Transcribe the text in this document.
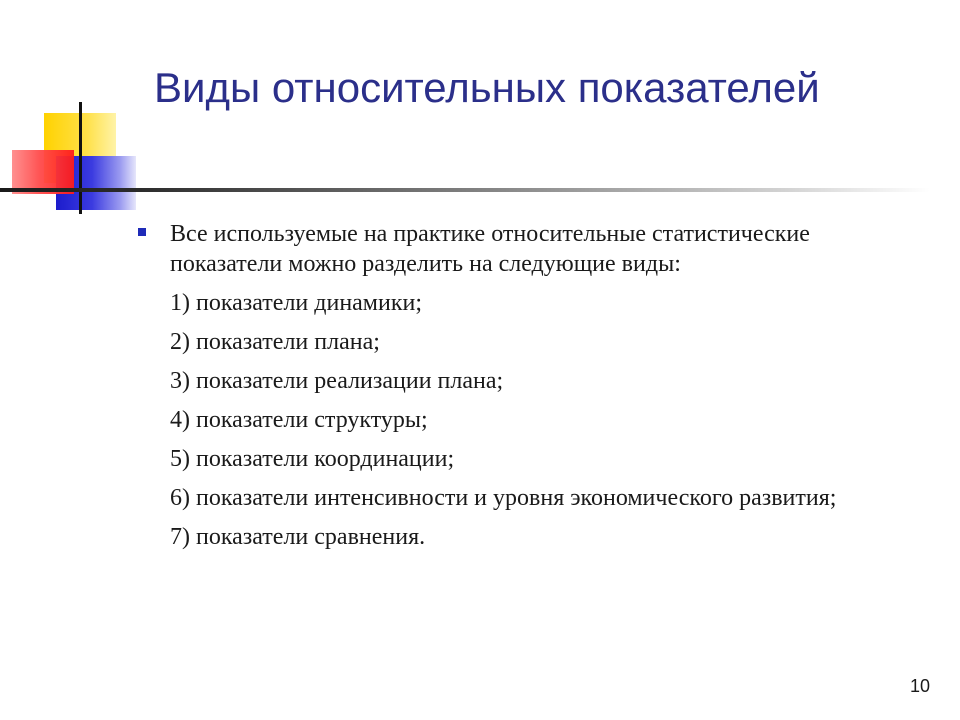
Виды относительных показателей
Все используемые на практике относительные статистические показатели можно разделить на следующие виды:
1) показатели динамики;
2) показатели плана;
3) показатели реализации плана;
4) показатели структуры;
5) показатели координации;
6) показатели интенсивности и уровня экономического развития;
7) показатели сравнения.
10
